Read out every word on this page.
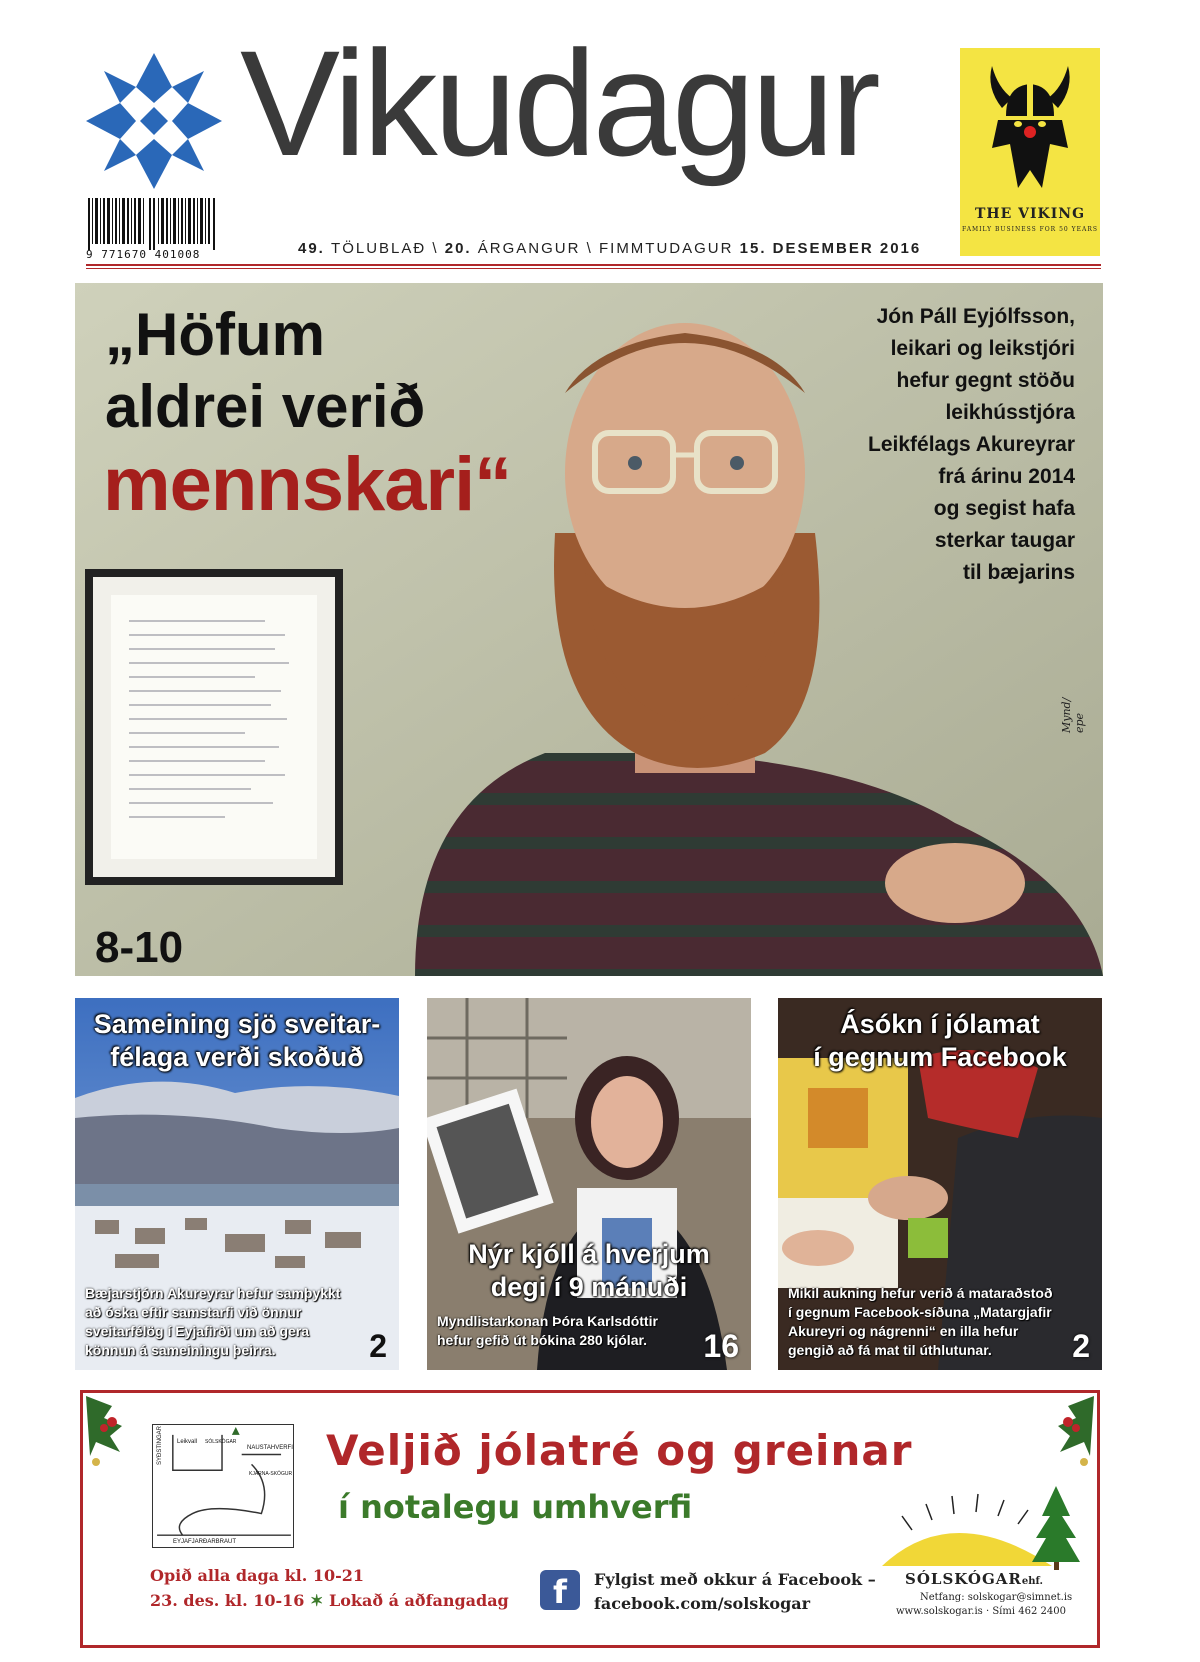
Vikudagur
9 771670 401008	49. TÖLUBLAÐ \ 20. ÁRGANGUR \ FIMMTUDAGUR 15. DESEMBER 2016
THE VIKING
FAMILY BUSINESS FOR 50 YEARS
„Höfum
aldrei verið
mennskari“
Jón Páll Eyjólfsson,
leikari og leikstjóri
hefur gegnt stöðu
leikhússtjóra
Leikfélags Akureyrar
frá árinu 2014
og segist hafa
sterkar taugar
til bæjarins
8-10
Mynd/ epe
Sameining sjö sveitar-
félaga verði skoðuð
Bæjarstjórn Akureyrar hefur samþykkt
að óska eftir samstarfi við önnur
sveitarfélög í Eyjafirði um að gera
könnun á sameiningu þeirra.	2
Nýr kjóll á hverjum
degi í 9 mánuði
Myndlistarkonan Þóra Karlsdóttir
hefur gefið út bókina 280 kjólar.	16
Ásókn í jólamat
í gegnum Facebook
Mikil aukning hefur verið á mataraðstoð
í gegnum Facebook-síðuna „Matargjafir
Akureyri og nágrenni“ en illa hefur
gengið að fá mat til úthlutunar.	2
SYÐSTINGAR Leikvall SÓLSKÓGAR
NAUSTAHVERFI
KJARNA-SKÓGUR
EYJAFJARÐARBRAUT
Veljið jólatré og greinar
í notalegu umhverfi
Opið alla daga kl. 10-21
23. des. kl. 10-16 ✶ Lokað á aðfangadag	f	Fylgist með okkur á Facebook –
facebook.com/solskogar
SÓLSKÓGARehf.
Netfang: solskogar@simnet.is
www.solskogar.is · Sími 462 2400
